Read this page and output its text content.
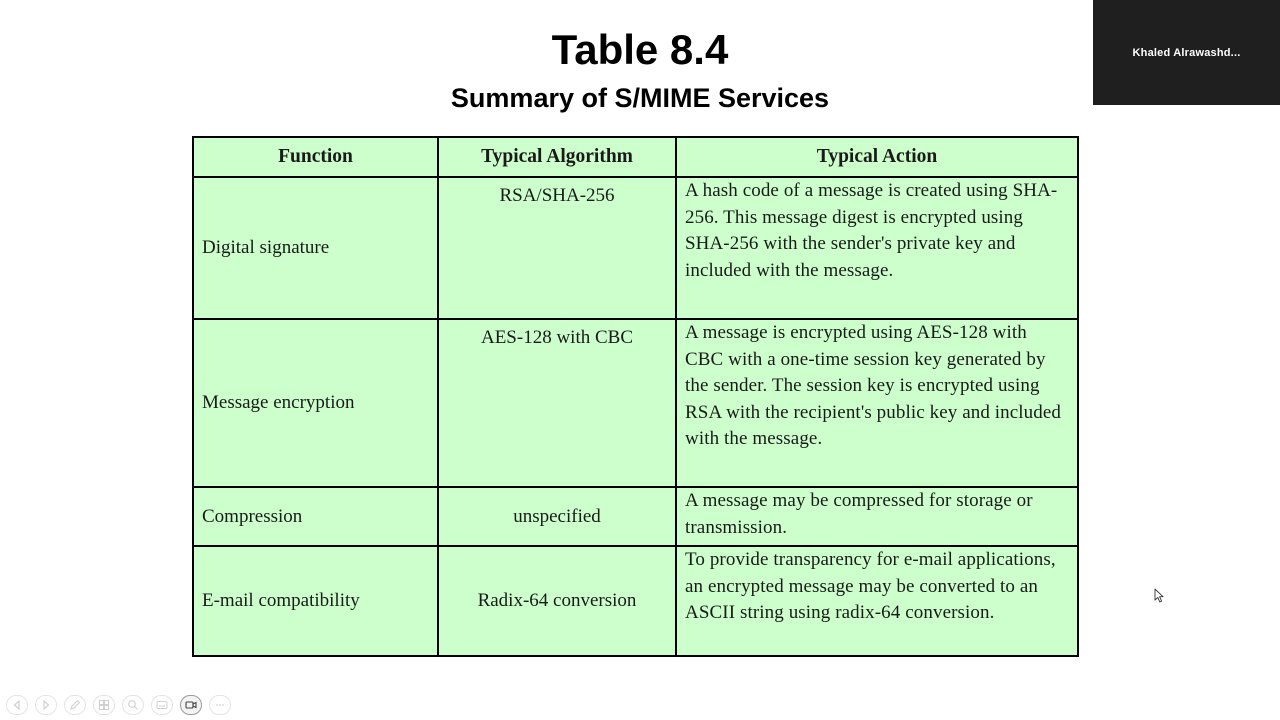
Table 8.4
Summary of S/MIME Services
Function	Typical Algorithm	Typical Action
Digital signature	RSA/SHA-256	A hash code of a message is created using SHA-256. This message digest is encrypted using SHA-256 with the sender's private key and included with the message.
Message encryption	AES-128 with CBC	A message is encrypted using AES-128 with CBC with a one-time session key generated by the sender. The session key is encrypted using RSA with the recipient's public key and included with the message.
Compression	unspecified	A message may be compressed for storage or transmission.
E-mail compatibility	Radix-64 conversion	To provide transparency for e-mail applications, an encrypted message may be converted to an ASCII string using radix-64 conversion.
Khaled Alrawashd...
